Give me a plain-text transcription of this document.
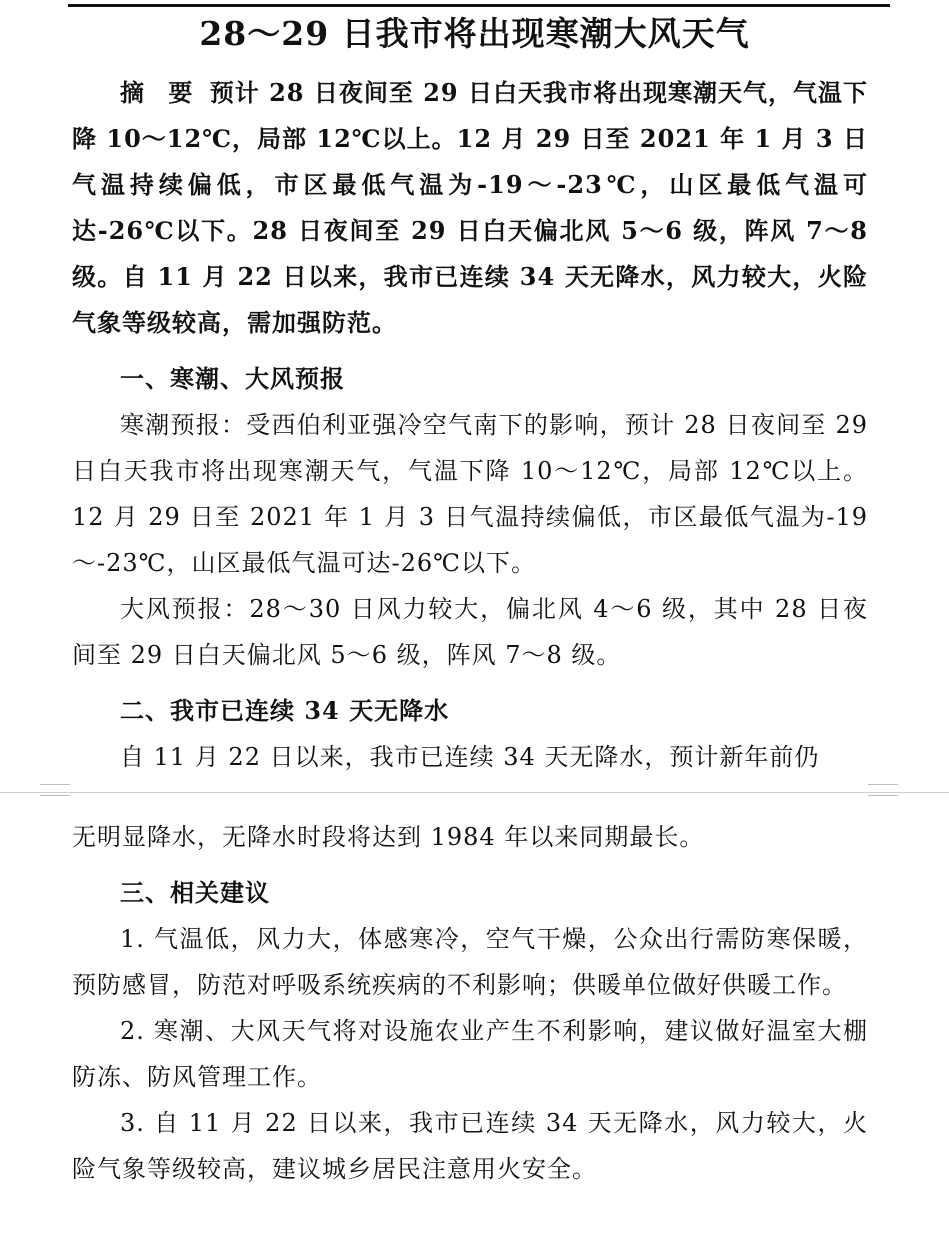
28～29 日我市将出现寒潮大风天气

摘 要 预计 28 日夜间至 29 日白天我市将出现寒潮天气，气温下降 10～12℃，局部 12℃以上。12 月 29 日至 2021 年 1 月 3 日气温持续偏低，市区最低气温为-19～-23℃，山区最低气温可达-26℃以下。28 日夜间至 29 日白天偏北风 5～6 级，阵风 7～8 级。自 11 月 22 日以来，我市已连续 34 天无降水，风力较大，火险气象等级较高，需加强防范。

一、寒潮、大风预报

寒潮预报：受西伯利亚强冷空气南下的影响，预计 28 日夜间至 29 日白天我市将出现寒潮天气，气温下降 10～12℃，局部 12℃以上。12 月 29 日至 2021 年 1 月 3 日气温持续偏低，市区最低气温为-19～-23℃，山区最低气温可达-26℃以下。

大风预报：28～30 日风力较大，偏北风 4～6 级，其中 28 日夜间至 29 日白天偏北风 5～6 级，阵风 7～8 级。

二、我市已连续 34 天无降水

自 11 月 22 日以来，我市已连续 34 天无降水，预计新年前仍

无明显降水，无降水时段将达到 1984 年以来同期最长。

三、相关建议

1. 气温低，风力大，体感寒冷，空气干燥，公众出行需防寒保暖，预防感冒，防范对呼吸系统疾病的不利影响；供暖单位做好供暖工作。

2. 寒潮、大风天气将对设施农业产生不利影响，建议做好温室大棚防冻、防风管理工作。

3. 自 11 月 22 日以来，我市已连续 34 天无降水，风力较大，火险气象等级较高，建议城乡居民注意用火安全。
